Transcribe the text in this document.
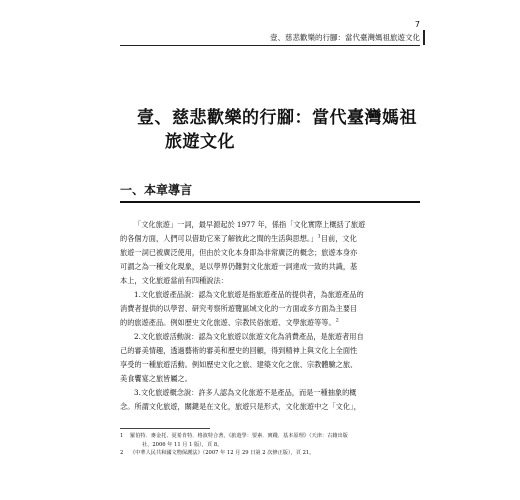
7
壹、慈悲歡樂的行腳：當代臺灣媽祖旅遊文化
壹、慈悲歡樂的行腳：當代臺灣媽祖
旅遊文化
一、本章導言

「文化旅遊」一詞，最早源起於 1977 年，係指「文化實際上概括了旅遊

的各個方面，人們可以借助它來了解彼此之間的生活與思想。」$^1$目前，文化

旅遊一詞已被廣泛使用，但由於文化本身即為非常廣泛的概念；旅遊本身亦

可謂之為一種文化現象，是以學界仍難對文化旅遊一詞達成一致的共識，基

本上，文化旅遊當前有四種說法：

1.文化旅遊產品說：認為文化旅遊是指旅遊產品的提供者，為旅遊產品的

消費者提供的以學習、研究考察所遊覽區域文化的一方面或多方面為主要目

的的旅遊產品。例如歷史文化旅遊、宗教民俗旅遊、文學旅遊等等。$^2$

2.文化旅遊活動說：認為文化旅遊以旅遊文化為消費產品，是旅遊者用自

己的審美情趣，透過藝術的審美和歷史的回顧，得到精神上與文化上全面性

享受的一種旅遊活動。例如歷史文化之旅、建築文化之旅、宗教體驗之旅、

美食饗宴之旅皆屬之。

3.文化旅遊概念說：許多人認為文化旅遊不是產品，而是一種抽象的概

念。所謂文化旅遊，關鍵是在文化，旅遊只是形式，文化旅遊中之「文化」，

1	羅伯特．麥金托、夏希肯特．格波特合著，《旅遊學：要素．實踐．基本原理》（天津：古籍出版
社，2006 年 11 月 1 版），頁 8。
2	《中華人民共和國文物保護法》（2007 年 12 月 29 日第 2 次修正版），頁 21。
